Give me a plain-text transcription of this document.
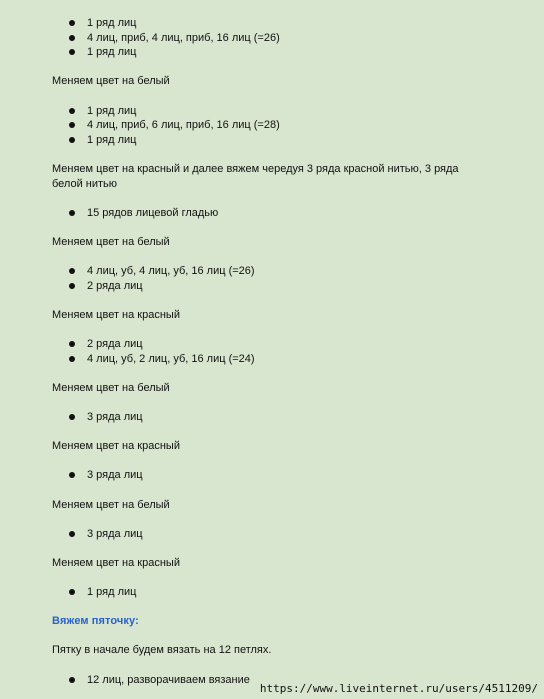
1 ряд лиц
4 лиц, приб, 4 лиц, приб, 16 лиц (=26)
1 ряд лиц

Меняем цвет на белый

1 ряд лиц
4 лиц, приб, 6 лиц, приб, 16 лиц (=28)
1 ряд лиц

Меняем цвет на красный и далее вяжем чередуя 3 ряда красной нитью, 3 ряда белой нитью

15 рядов лицевой гладью

Меняем цвет на белый

4 лиц, уб, 4 лиц, уб, 16 лиц (=26)
2 ряда лиц

Меняем цвет на красный

2 ряда лиц
4 лиц, уб, 2 лиц, уб, 16 лиц (=24)

Меняем цвет на белый

3 ряда лиц

Меняем цвет на красный

3 ряда лиц

Меняем цвет на белый

3 ряда лиц

Меняем цвет на красный

1 ряд лиц
Вяжем пяточку:

Пятку в начале будем вязать на 12 петлях.

12 лиц, разворачиваем вязание
https://www.liveinternet.ru/users/4511209/
